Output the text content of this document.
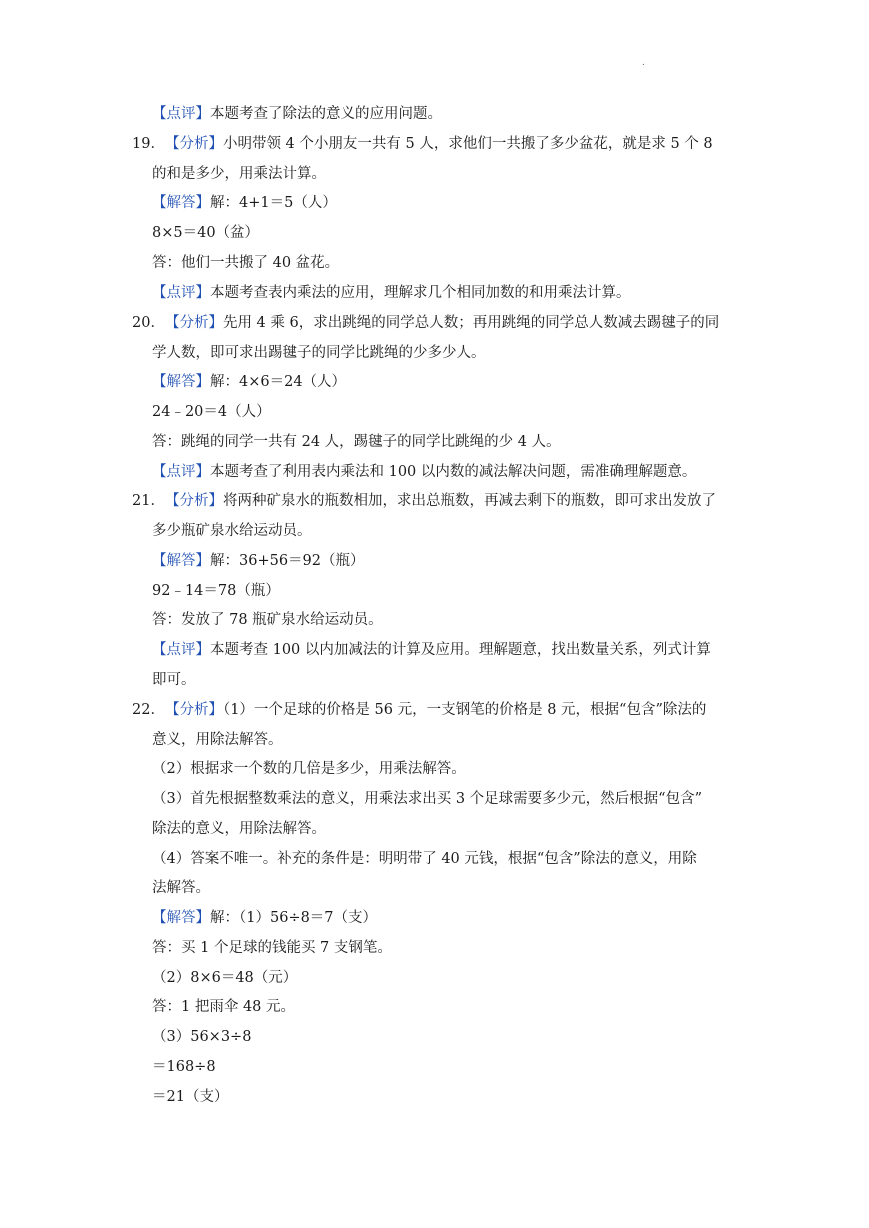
.
【点评】本题考查了除法的意义的应用问题。
19．【分析】小明带领 4 个小朋友一共有 5 人，求他们一共搬了多少盆花，就是求 5 个 8
的和是多少，用乘法计算。
【解答】解：4+1＝5（人）
8×5＝40（盆）
答：他们一共搬了 40 盆花。
【点评】本题考查表内乘法的应用，理解求几个相同加数的和用乘法计算。
20．【分析】先用 4 乘 6，求出跳绳的同学总人数；再用跳绳的同学总人数减去踢毽子的同
学人数，即可求出踢毽子的同学比跳绳的少多少人。
【解答】解：4×6＝24（人）
24﹣20＝4（人）
答：跳绳的同学一共有 24 人，踢毽子的同学比跳绳的少 4 人。
【点评】本题考查了利用表内乘法和 100 以内数的减法解决问题，需准确理解题意。
21．【分析】将两种矿泉水的瓶数相加，求出总瓶数，再减去剩下的瓶数，即可求出发放了
多少瓶矿泉水给运动员。
【解答】解：36+56＝92（瓶）
92﹣14＝78（瓶）
答：发放了 78 瓶矿泉水给运动员。
【点评】本题考查 100 以内加减法的计算及应用。理解题意，找出数量关系，列式计算
即可。
22．【分析】（1）一个足球的价格是 56 元，一支钢笔的价格是 8 元，根据“包含”除法的
意义，用除法解答。
（2）根据求一个数的几倍是多少，用乘法解答。
（3）首先根据整数乘法的意义，用乘法求出买 3 个足球需要多少元，然后根据“包含”
除法的意义，用除法解答。
（4）答案不唯一。补充的条件是：明明带了 40 元钱，根据“包含”除法的意义，用除
法解答。
【解答】解：（1）56÷8＝7（支）
答：买 1 个足球的钱能买 7 支钢笔。
（2）8×6＝48（元）
答：1 把雨伞 48 元。
（3）56×3÷8
＝168÷8
＝21（支）
